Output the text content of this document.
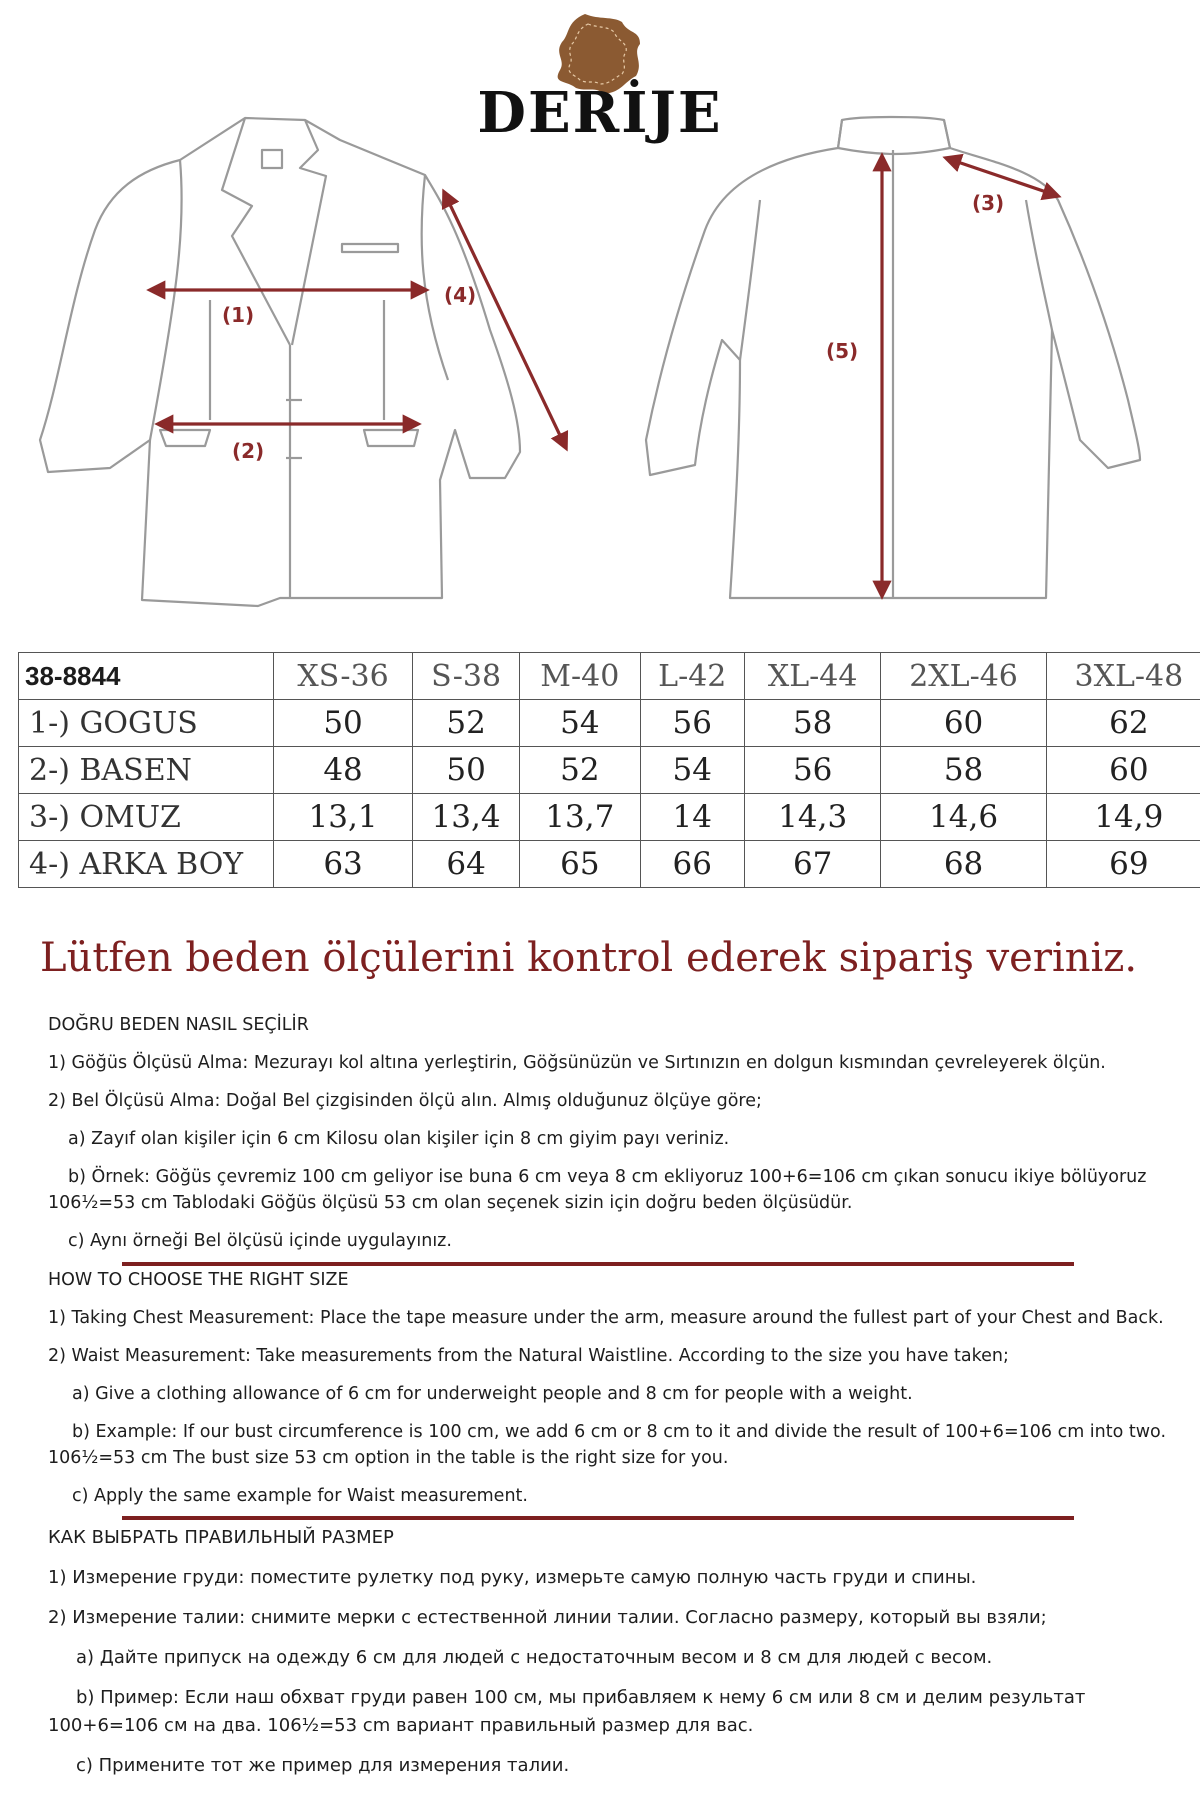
(1)
(2)
(3)
(4)
(5)
DERİJE
38-8844	XS-36	S-38	M-40	L-42	XL-44	2XL-46	3XL-48
1-) GOGUS	50	52	54	56	58	60	62
2-) BASEN	48	50	52	54	56	58	60
3-) OMUZ	13,1	13,4	13,7	14	14,3	14,6	14,9
4-) ARKA BOY	63	64	65	66	67	68	69
Lütfen beden ölçülerini kontrol ederek sipariş veriniz.

DOĞRU BEDEN NASIL SEÇİLİR

1) Göğüs Ölçüsü Alma: Mezurayı kol altına yerleştirin, Göğsünüzün ve Sırtınızın en dolgun kısmından çevreleyerek ölçün.

2) Bel Ölçüsü Alma: Doğal Bel çizgisinden ölçü alın. Almış olduğunuz ölçüye göre;

a) Zayıf olan kişiler için 6 cm Kilosu olan kişiler için 8 cm giyim payı veriniz.

b) Örnek: Göğüs çevremiz 100 cm geliyor ise buna 6 cm veya 8 cm ekliyoruz 100+6=106 cm çıkan sonucu ikiye bölüyoruz

106½=53 cm Tablodaki Göğüs ölçüsü 53 cm olan seçenek sizin için doğru beden ölçüsüdür.

c) Aynı örneği Bel ölçüsü içinde uygulayınız.

HOW TO CHOOSE THE RIGHT SIZE

1) Taking Chest Measurement: Place the tape measure under the arm, measure around the fullest part of your Chest and Back.

2) Waist Measurement: Take measurements from the Natural Waistline. According to the size you have taken;

a) Give a clothing allowance of 6 cm for underweight people and 8 cm for people with a weight.

b) Example: If our bust circumference is 100 cm, we add 6 cm or 8 cm to it and divide the result of 100+6=106 cm into two.

106½=53 cm The bust size 53 cm option in the table is the right size for you.

c) Apply the same example for Waist measurement.

КАК ВЫБРАТЬ ПРАВИЛЬНЫЙ РАЗМЕР

1) Измерение груди: поместите рулетку под руку, измерьте самую полную часть груди и спины.

2) Измерение талии: снимите мерки с естественной линии талии. Согласно размеру, который вы взяли;

а) Дайте припуск на одежду 6 см для людей с недостаточным весом и 8 см для людей с весом.

b) Пример: Если наш обхват груди равен 100 см, мы прибавляем к нему 6 см или 8 см и делим результат

100+6=106 см на два. 106½=53 cm вариант правильный размер для вас.

с) Примените тот же пример для измерения талии.
